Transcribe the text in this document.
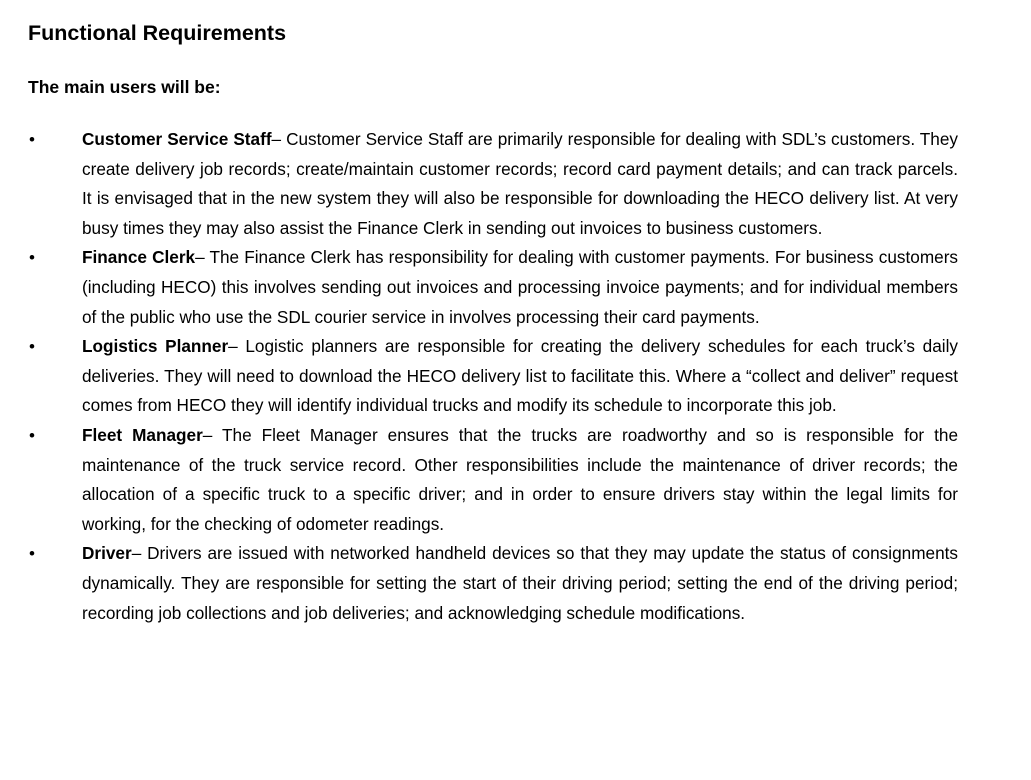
Functional Requirements

The main users will be:

•	Customer Service Staff– Customer Service Staff are primarily responsible for dealing with SDL’s customers. They create delivery job records; create/maintain customer records; record card payment details; and can track parcels. It is envisaged that in the new system they will also be responsible for downloading the HECO delivery list. At very busy times they may also assist the Finance Clerk in sending out invoices to business customers.
•	Finance Clerk– The Finance Clerk has responsibility for dealing with customer payments. For business customers (including HECO) this involves sending out invoices and processing invoice payments; and for individual members of the public who use the SDL courier service in involves processing their card payments.
•	Logistics Planner– Logistic planners are responsible for creating the delivery schedules for each truck’s daily deliveries. They will need to download the HECO delivery list to facilitate this. Where a “collect and deliver” request comes from HECO they will identify individual trucks and modify its schedule to incorporate this job.
•	Fleet Manager– The Fleet Manager ensures that the trucks are roadworthy and so is responsible for the maintenance of the truck service record. Other responsibilities include the maintenance of driver records; the allocation of a specific truck to a specific driver; and in order to ensure drivers stay within the legal limits for working, for the checking of odometer readings.
•	Driver– Drivers are issued with networked handheld devices so that they may update the status of consignments dynamically. They are responsible for setting the start of their driving period; setting the end of the driving period; recording job collections and job deliveries; and acknowledging schedule modifications.
